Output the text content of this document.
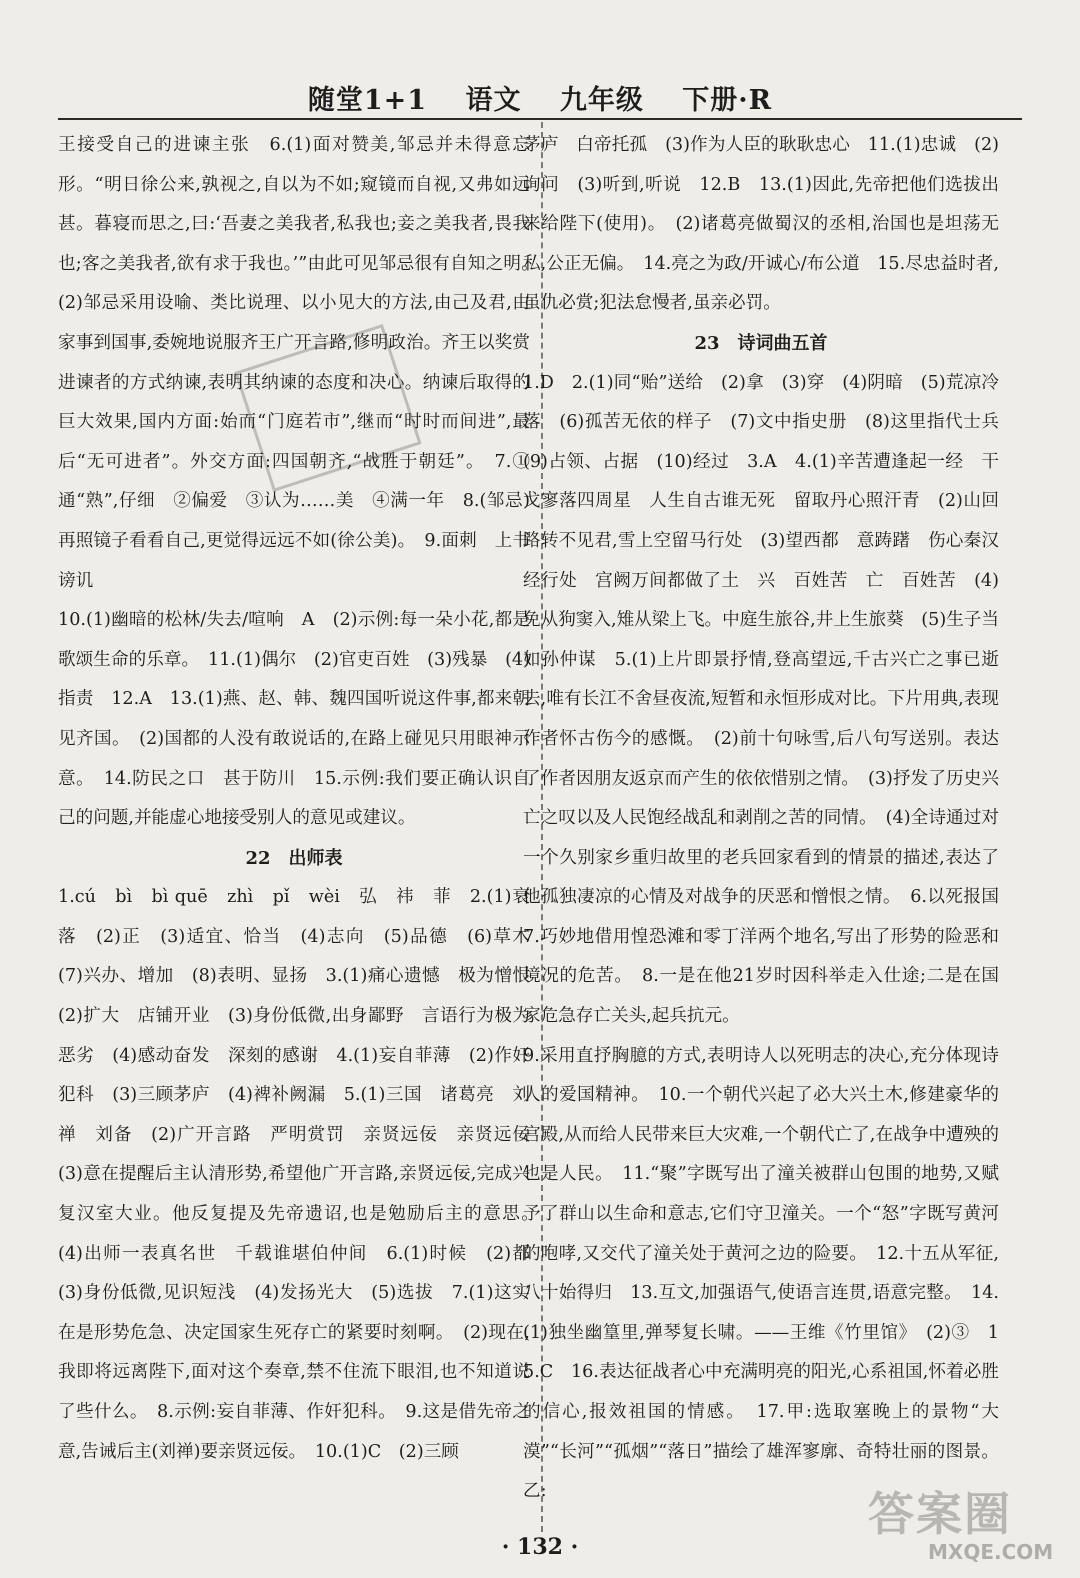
随堂1+1 语文 九年级 下册·R

王接受自己的进谏主张　6.(1)面对赞美,邹忌并未得意忘形。“明日徐公来,孰视之,自以为不如;窥镜而自视,又弗如远甚。暮寝而思之,曰:‘吾妻之美我者,私我也;妾之美我者,畏我也;客之美我者,欲有求于我也。’”由此可见邹忌很有自知之明。　(2)邹忌采用设喻、类比说理、以小见大的方法,由己及君,由家事到国事,委婉地说服齐王广开言路,修明政治。齐王以奖赏进谏者的方式纳谏,表明其纳谏的态度和决心。纳谏后取得的巨大效果,国内方面:始而“门庭若市”,继而“时时而间进”,最后“无可进者”。外交方面:四国朝齐,“战胜于朝廷”。　7.①通“熟”,仔细　②偏爱　③认为……美　④满一年　8.(邹忌)再照镜子看看自己,更觉得远远不如(徐公美)。　9.面刺　上书　谤讥

10.(1)幽暗的松林/失去/喧响　A　(2)示例:每一朵小花,都是歌颂生命的乐章。　11.(1)偶尔　(2)官吏百姓　(3)残暴　(4)指责　12.A　13.(1)燕、赵、韩、魏四国听说这件事,都来朝见齐国。　(2)国都的人没有敢说话的,在路上碰见只用眼神示意。　14.防民之口　甚于防川　15.示例:我们要正确认识自己的问题,并能虚心地接受别人的意见或建议。

22　出师表

1.cú　bì　bì quē　zhì　pǐ　wèi　弘　祎　菲　2.(1)衰落　(2)正　(3)适宜、恰当　(4)志向　(5)品德　(6)草木　(7)兴办、增加　(8)表明、显扬　3.(1)痛心遗憾　极为憎恨　(2)扩大　店铺开业　(3)身份低微,出身鄙野　言语行为极为恶劣　(4)感动奋发　深刻的感谢　4.(1)妄自菲薄　(2)作奸犯科　(3)三顾茅庐　(4)裨补阙漏　5.(1)三国　诸葛亮　刘禅　刘备　(2)广开言路　严明赏罚　亲贤远佞　亲贤远佞　(3)意在提醒后主认清形势,希望他广开言路,亲贤远佞,完成兴复汉室大业。他反复提及先帝遗诏,也是勉励后主的意思。　(4)出师一表真名世　千载谁堪伯仲间　6.(1)时候　(2)都　(3)身份低微,见识短浅　(4)发扬光大　(5)选拔　7.(1)这实在是形势危急、决定国家生死存亡的紧要时刻啊。　(2)现在,我即将远离陛下,面对这个奏章,禁不住流下眼泪,也不知道说了些什么。　8.示例:妄自菲薄、作奸犯科。　9.这是借先帝之意,告诫后主(刘禅)要亲贤远佞。　10.(1)C　(2)三顾

茅庐　白帝托孤　(3)作为人臣的耿耿忠心　11.(1)忠诚　(2)询问　(3)听到,听说　12.B　13.(1)因此,先帝把他们选拔出来给陛下(使用)。　(2)诸葛亮做蜀汉的丞相,治国也是坦荡无私,公正无偏。　14.亮之为政/开诚心/布公道　15.尽忠益时者,虽仇必赏;犯法怠慢者,虽亲必罚。

23　诗词曲五首

1.D　2.(1)同“贻”送给　(2)拿　(3)穿　(4)阴暗　(5)荒凉冷落　(6)孤苦无依的样子　(7)文中指史册　(8)这里指代士兵　(9)占领、占据　(10)经过　3.A　4.(1)辛苦遭逢起一经　干戈寥落四周星　人生自古谁无死　留取丹心照汗青　(2)山回路转不见君,雪上空留马行处　(3)望西都　意踌躇　伤心秦汉经行处　宫阙万间都做了土　兴　百姓苦　亡　百姓苦　(4)免从狗窦入,雉从梁上飞。中庭生旅谷,井上生旅葵　(5)生子当如孙仲谋　5.(1)上片即景抒情,登高望远,千古兴亡之事已逝去,唯有长江不舍昼夜流,短暂和永恒形成对比。下片用典,表现作者怀古伤今的感慨。　(2)前十句咏雪,后八句写送别。表达了作者因朋友返京而产生的依依惜别之情。　(3)抒发了历史兴亡之叹以及人民饱经战乱和剥削之苦的同情。　(4)全诗通过对一个久别家乡重归故里的老兵回家看到的情景的描述,表达了他孤独凄凉的心情及对战争的厌恶和憎恨之情。　6.以死报国　7.巧妙地借用惶恐滩和零丁洋两个地名,写出了形势的险恶和境况的危苦。　8.一是在他21岁时因科举走入仕途;二是在国家危急存亡关头,起兵抗元。

9.采用直抒胸臆的方式,表明诗人以死明志的决心,充分体现诗人的爱国精神。　10.一个朝代兴起了必大兴土木,修建豪华的宫殿,从而给人民带来巨大灾难,一个朝代亡了,在战争中遭殃的也是人民。　11.“聚”字既写出了潼关被群山包围的地势,又赋予了群山以生命和意志,它们守卫潼关。一个“怒”字既写黄河的咆哮,又交代了潼关处于黄河之边的险要。　12.十五从军征,八十始得归　13.互文,加强语气,使语言连贯,语意完整。　14.(1)独坐幽篁里,弹琴复长啸。——王维《竹里馆》　(2)③　15.C　16.表达征战者心中充满明亮的阳光,心系祖国,怀着必胜的信心,报效祖国的情感。　17.甲:选取塞晚上的景物“大漠”“长河”“孤烟”“落日”描绘了雄浑寥廓、奇特壮丽的图景。乙:

· 132 ·
答案圈
MXQE.COM
